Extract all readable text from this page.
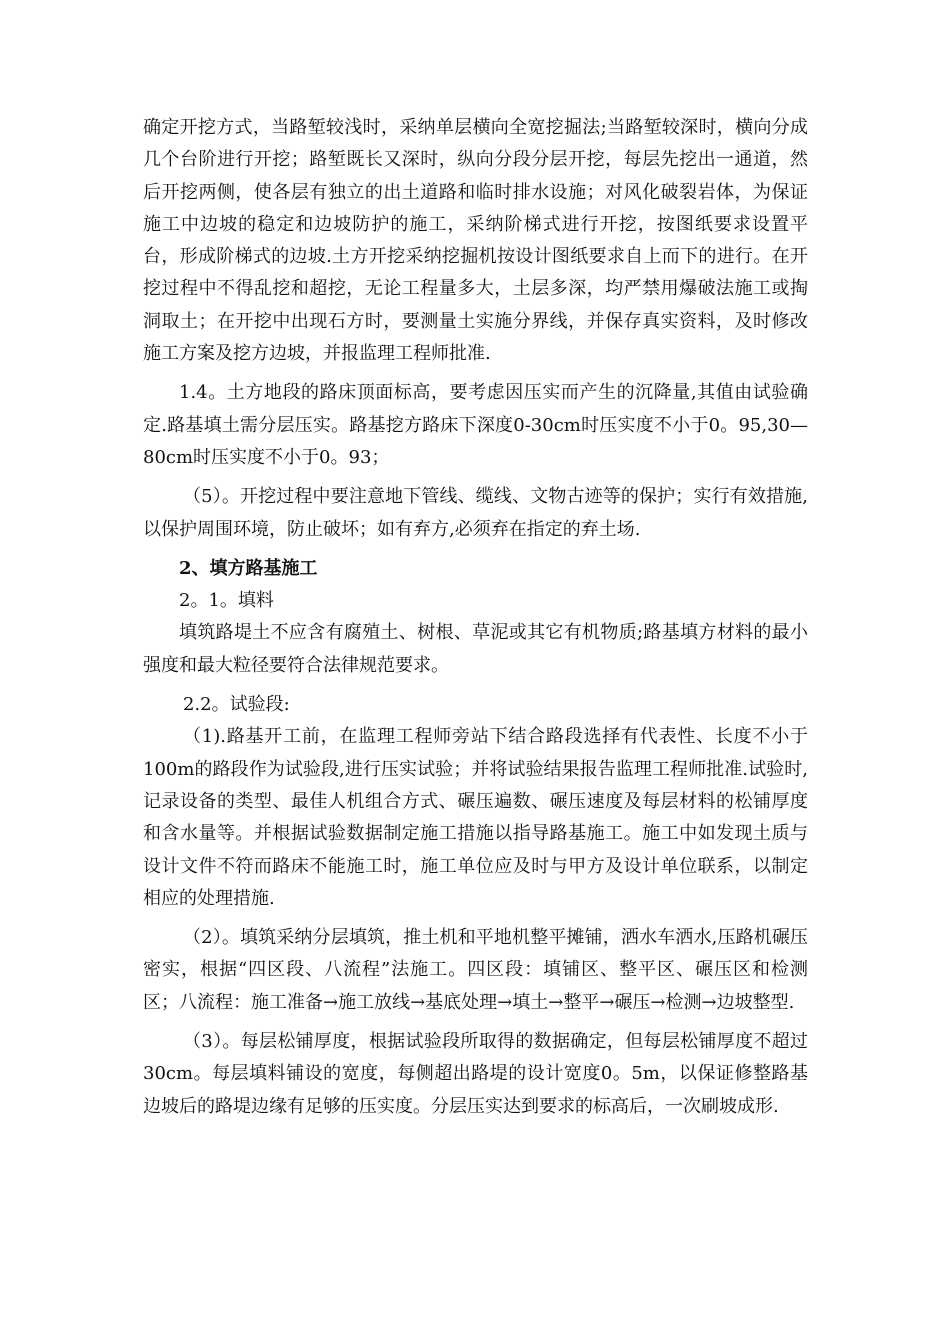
确定开挖方式，当路堑较浅时，采纳单层横向全宽挖掘法;当路堑较深时，横向分成几个台阶进行开挖；路堑既长又深时，纵向分段分层开挖，每层先挖出一通道，然后开挖两侧，使各层有独立的出土道路和临时排水设施；对风化破裂岩体，为保证施工中边坡的稳定和边坡防护的施工，采纳阶梯式进行开挖，按图纸要求设置平台，形成阶梯式的边坡.土方开挖采纳挖掘机按设计图纸要求自上而下的进行。在开挖过程中不得乱挖和超挖，无论工程量多大，土层多深，均严禁用爆破法施工或掏洞取土；在开挖中出现石方时，要测量土实施分界线，并保存真实资料，及时修改施工方案及挖方边坡，并报监理工程师批准.

1.4。土方地段的路床顶面标高，要考虑因压实而产生的沉降量,其值由试验确定.路基填土需分层压实。路基挖方路床下深度0-30cm时压实度不小于0。95,30—80cm时压实度不小于0。93；

（5）。开挖过程中要注意地下管线、缆线、文物古迹等的保护；实行有效措施,以保护周围环境，防止破坏；如有弃方,必须弃在指定的弃土场.

2、填方路基施工

2。1。填料

填筑路堤土不应含有腐殖土、树根、草泥或其它有机物质;路基填方材料的最小强度和最大粒径要符合法律规范要求。

2.2。试验段:

（1).路基开工前，在监理工程师旁站下结合路段选择有代表性、长度不小于100m的路段作为试验段,进行压实试验；并将试验结果报告监理工程师批准.试验时,记录设备的类型、最佳人机组合方式、碾压遍数、碾压速度及每层材料的松铺厚度和含水量等。并根据试验数据制定施工措施以指导路基施工。施工中如发现土质与设计文件不符而路床不能施工时，施工单位应及时与甲方及设计单位联系，以制定相应的处理措施.

（2）。填筑采纳分层填筑，推土机和平地机整平摊铺，洒水车洒水,压路机碾压密实，根据“四区段、八流程”法施工。四区段：填铺区、整平区、碾压区和检测区；八流程：施工准备→施工放线→基底处理→填土→整平→碾压→检测→边坡整型.

（3）。每层松铺厚度，根据试验段所取得的数据确定，但每层松铺厚度不超过30cm。每层填料铺设的宽度，每侧超出路堤的设计宽度0。5m，以保证修整路基边坡后的路堤边缘有足够的压实度。分层压实达到要求的标高后，一次刷坡成形.
